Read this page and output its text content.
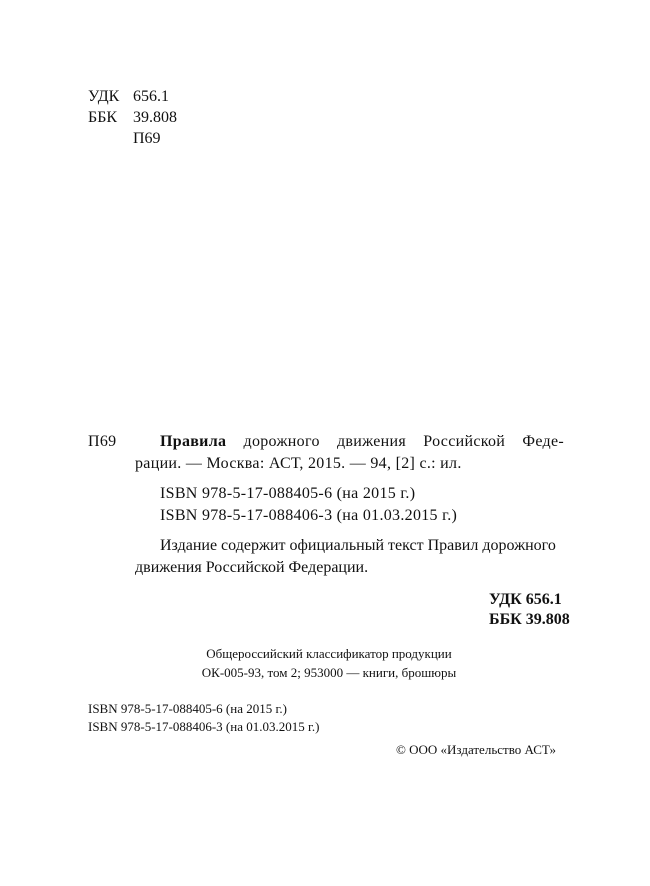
УДК 656.1
ББК 39.808
П69
П69	Правила дорожного движения Российской Феде-
рации. — Москва: АСТ, 2015. — 94, [2] с.: ил.
ISBN 978-5-17-088405-6 (на 2015 г.)
ISBN 978-5-17-088406-3 (на 01.03.2015 г.)
Издание содержит официальный текст Правил дорожного
движения Российской Федерации.
УДК 656.1
ББК 39.808
Общероссийский классификатор продукции
ОК-005-93, том 2; 953000 — книги, брошюры
ISBN 978-5-17-088405-6 (на 2015 г.)
ISBN 978-5-17-088406-3 (на 01.03.2015 г.)
© ООО «Издательство АСТ»
